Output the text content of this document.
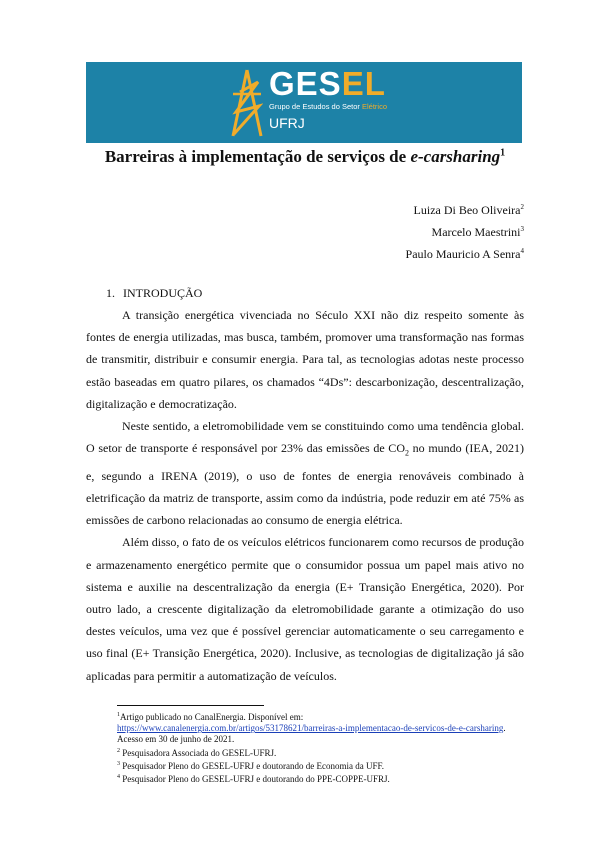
GESEL
Grupo de Estudos do Setor Elétrico
UFRJ
Barreiras à implementação de serviços de e-carsharing$^1$
Luiza Di Beo Oliveira$^2$
Marcelo Maestrini$^3$
Paulo Mauricio A Senra$^4$
1. INTRODUÇÃO

A transição energética vivenciada no Século XXI não diz respeito somente às fontes de energia utilizadas, mas busca, também, promover uma transformação nas formas de transmitir, distribuir e consumir energia. Para tal, as tecnologias adotas neste processo estão baseadas em quatro pilares, os chamados “4Ds”: descarbonização, descentralização, digitalização e democratização.

Neste sentido, a eletromobilidade vem se constituindo como uma tendência global. O setor de transporte é responsável por 23% das emissões de $CO_2$ no mundo (IEA, 2021) e, segundo a IRENA (2019), o uso de fontes de energia renováveis combinado à eletrificação da matriz de transporte, assim como da indústria, pode reduzir em até 75% as emissões de carbono relacionadas ao consumo de energia elétrica.

Além disso, o fato de os veículos elétricos funcionarem como recursos de produção e armazenamento energético permite que o consumidor possua um papel mais ativo no sistema e auxilie na descentralização da energia (E+ Transição Energética, 2020). Por outro lado, a crescente digitalização da eletromobilidade garante a otimização do uso destes veículos, uma vez que é possível gerenciar automaticamente o seu carregamento e uso final (E+ Transição Energética, 2020). Inclusive, as tecnologias de digitalização já são aplicadas para permitir a automatização de veículos.

$^1$Artigo publicado no CanalEnergia. Disponível em:
https://www.canalenergia.com.br/artigos/53178621/barreiras-a-implementacao-de-servicos-de-e-carsharing. Acesso em 30 de junho de 2021.
$^2$ Pesquisadora Associada do GESEL-UFRJ.
$^3$ Pesquisador Pleno do GESEL-UFRJ e doutorando de Economia da UFF.
$^4$ Pesquisador Pleno do GESEL-UFRJ e doutorando do PPE-COPPE-UFRJ.
